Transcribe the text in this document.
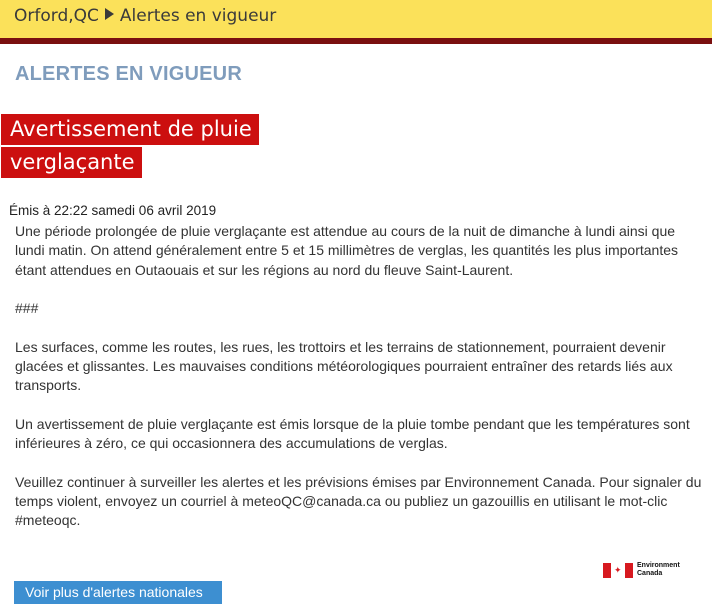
Orford,QC Alertes en vigueur
ALERTES EN VIGUEUR
Avertissement de pluie
verglaçante
Émis à 22:22 samedi 06 avril 2019

Une période prolongée de pluie verglaçante est attendue au cours de la nuit de dimanche à lundi ainsi que lundi matin. On attend généralement entre 5 et 15 millimètres de verglas, les quantités les plus importantes étant attendues en Outaouais et sur les régions au nord du fleuve Saint-Laurent.

###

Les surfaces, comme les routes, les rues, les trottoirs et les terrains de stationnement, pourraient devenir glacées et glissantes. Les mauvaises conditions météorologiques pourraient entraîner des retards liés aux transports.

Un avertissement de pluie verglaçante est émis lorsque de la pluie tombe pendant que les températures sont inférieures à zéro, ce qui occasionnera des accumulations de verglas.

Veuillez continuer à surveiller les alertes et les prévisions émises par Environnement Canada. Pour signaler du temps violent, envoyez un courriel à meteoQC@canada.ca ou publiez un gazouillis en utilisant le mot-clic #meteoqc.

✦ Environment
Canada
Voir plus d'alertes nationales
